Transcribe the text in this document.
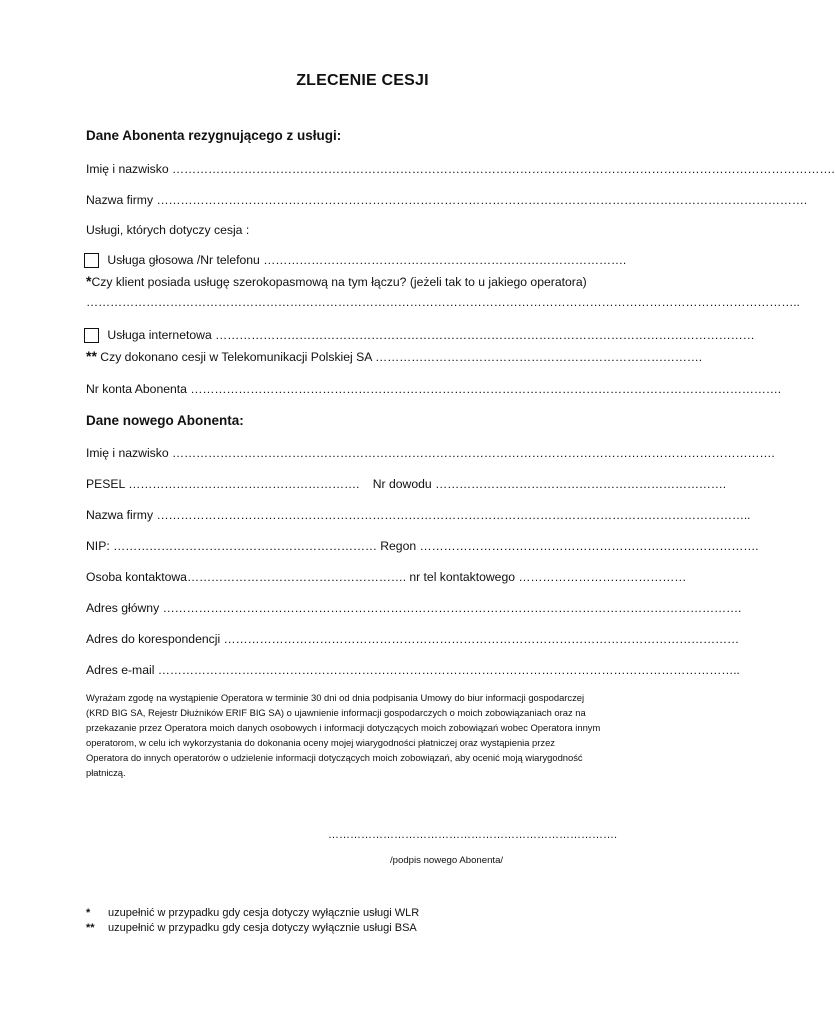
ZLECENIE CESJI
Dane Abonenta rezygnującego z usługi:
Imię i nazwisko ………………………………………………………………………………………………………………………………………………….
Nazwa firmy ……………………………………………………………………………………………………………………………………………….
Usługi, których dotyczy cesja :
Usługa głosowa /Nr telefonu ……………………………………………………………………………….
*Czy klient posiada usługę szerokopasmową na tym łączu? (jeżeli tak to u jakiego operatora)
……………………………………………………………………………………………………………………………………………………………..
Usługa internetowa ………………………………………………………………………………………………………………………
** Czy dokonano cesji w Telekomunikacji Polskiej SA ……………………………………………………………………….
Nr konta Abonenta ………………………………………………………………………………………………………………………………….
Dane nowego Abonenta:
Imię i nazwisko …………………………………………………………………………………………………………………………………….
PESEL …………………………………………………. Nr dowodu ……………………………………………………………….
Nazwa firmy …………………………………………………………………………………………………………………………………..
NIP: ………………………………………………………… Regon ………………………………………………………………………….
Osoba kontaktowa………………………………………………. nr tel kontaktowego ……………………………………
Adres główny ……………………………………………………………………………………………………………………………….
Adres do korespondencji …………………………………………………………………………………………………………………
Adres e-mail ………………………………………………………………………………………………………………………………..
Wyrażam zgodę na wystąpienie Operatora w terminie 30 dni od dnia podpisania Umowy do biur informacji gospodarczej
(KRD BIG SA, Rejestr Dłużników ERIF BIG SA) o ujawnienie informacji gospodarczych o moich zobowiązaniach oraz na
przekazanie przez Operatora moich danych osobowych i informacji dotyczących moich zobowiązań wobec Operatora innym
operatorom, w celu ich wykorzystania do dokonania oceny mojej wiarygodności płatniczej oraz wystąpienia przez
Operatora do innych operatorów o udzielenie informacji dotyczących moich zobowiązań, aby ocenić moją wiarygodność
płatniczą.
…………………………………………………………………….
/podpis nowego Abonenta/
* uzupełnić w przypadku gdy cesja dotyczy wyłącznie usługi WLR
** uzupełnić w przypadku gdy cesja dotyczy wyłącznie usługi BSA
